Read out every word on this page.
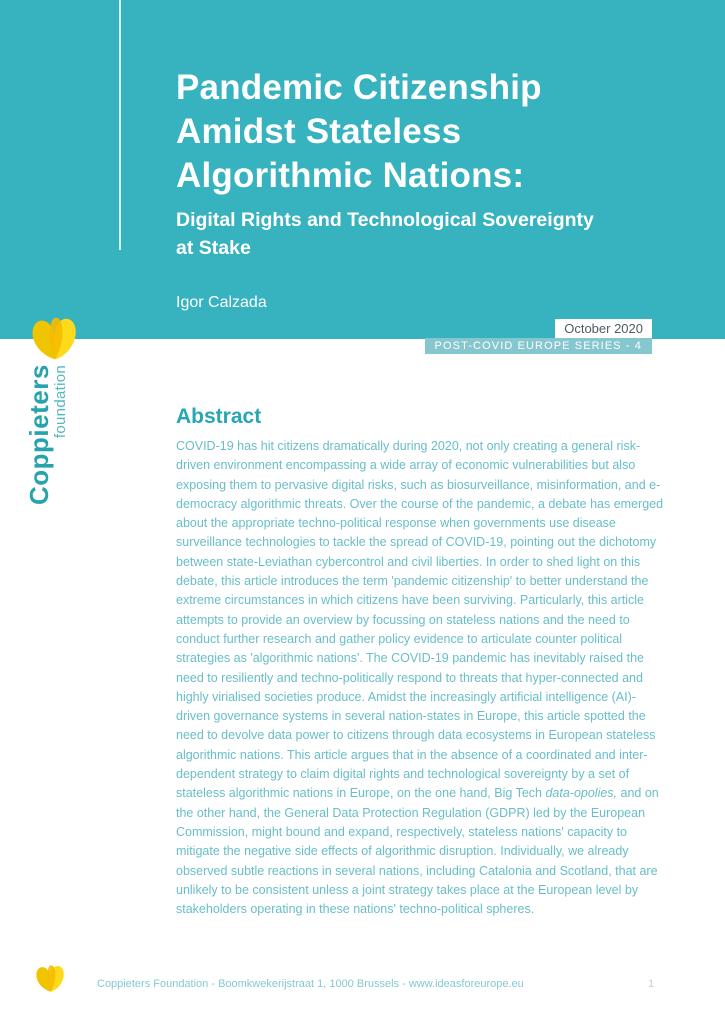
Pandemic Citizenship
Amidst Stateless
Algorithmic Nations:
Digital Rights and Technological Sovereignty
at Stake
Igor Calzada
October 2020
POST-COVID EUROPE SERIES - 4
Coppieters
foundation	Abstract

COVID-19 has hit citizens dramatically during 2020, not only creating a general risk-driven environment encompassing a wide array of economic vulnerabilities but also exposing them to pervasive digital risks, such as biosurveillance, misinformation, and e-democracy algorithmic threats. Over the course of the pandemic, a debate has emerged about the appropriate techno-political response when governments use disease surveillance technologies to tackle the spread of COVID-19, pointing out the dichotomy between state-Leviathan cybercontrol and civil liberties. In order to shed light on this debate, this article introduces the term 'pandemic citizenship' to better understand the extreme circumstances in which citizens have been surviving. Particularly, this article attempts to provide an overview by focussing on stateless nations and the need to conduct further research and gather policy evidence to articulate counter political strategies as 'algorithmic nations'. The COVID-19 pandemic has inevitably raised the need to resiliently and techno-politically respond to threats that hyper-connected and highly virialised societies produce. Amidst the increasingly artificial intelligence (AI)-driven governance systems in several nation-states in Europe, this article spotted the need to devolve data power to citizens through data ecosystems in European stateless algorithmic nations. This article argues that in the absence of a coordinated and inter-dependent strategy to claim digital rights and technological sovereignty by a set of stateless algorithmic nations in Europe, on the one hand, Big Tech data-opolies, and on the other hand, the General Data Protection Regulation (GDPR) led by the European Commission, might bound and expand, respectively, stateless nations' capacity to mitigate the negative side effects of algorithmic disruption. Individually, we already observed subtle reactions in several nations, including Catalonia and Scotland, that are unlikely to be consistent unless a joint strategy takes place at the European level by stakeholders operating in these nations' techno-political spheres.

Coppieters Foundation - Boomkwekerijstraat 1, 1000 Brussels - www.ideasforeurope.eu	1
